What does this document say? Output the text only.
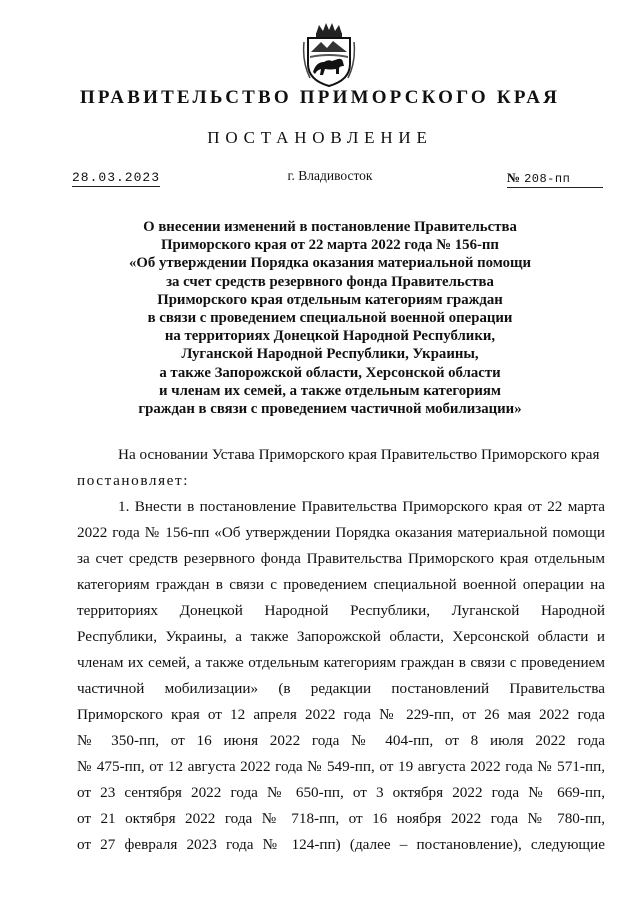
ПРАВИТЕЛЬСТВО ПРИМОРСКОГО КРАЯ
ПОСТАНОВЛЕНИЕ
28.03.2023	г. Владивосток	№ 208-пп
О внесении изменений в постановление Правительства
Приморского края от 22 марта 2022 года № 156-пп
«Об утверждении Порядка оказания материальной помощи
за счет средств резервного фонда Правительства
Приморского края отдельным категориям граждан
в связи с проведением специальной военной операции
на территориях Донецкой Народной Республики,
Луганской Народной Республики, Украины,
а также Запорожской области, Херсонской области
и членам их семей, а также отдельным категориям
граждан в связи с проведением частичной мобилизации»
На основании Устава Приморского края Правительство Приморского края
постановляет:
1. Внести в постановление Правительства Приморского края от 22 марта
2022 года № 156-пп «Об утверждении Порядка оказания материальной помощи
за счет средств резервного фонда Правительства Приморского края отдельным
категориям граждан в связи с проведением специальной военной операции на
территориях Донецкой Народной Республики, Луганской Народной
Республики, Украины, а также Запорожской области, Херсонской области и
членам их семей, а также отдельным категориям граждан в связи с проведением
частичной мобилизации» (в редакции постановлений Правительства
Приморского края от 12 апреля 2022 года № 229-пп, от 26 мая 2022 года
№ 350-пп, от 16 июня 2022 года № 404-пп, от 8 июля 2022 года
№ 475-пп, от 12 августа 2022 года № 549-пп, от 19 августа 2022 года № 571-пп,
от 23 сентября 2022 года № 650-пп, от 3 октября 2022 года № 669-пп,
от 21 октября 2022 года № 718-пп, от 16 ноября 2022 года № 780-пп,
от 27 февраля 2023 года № 124-пп) (далее – постановление), следующие
